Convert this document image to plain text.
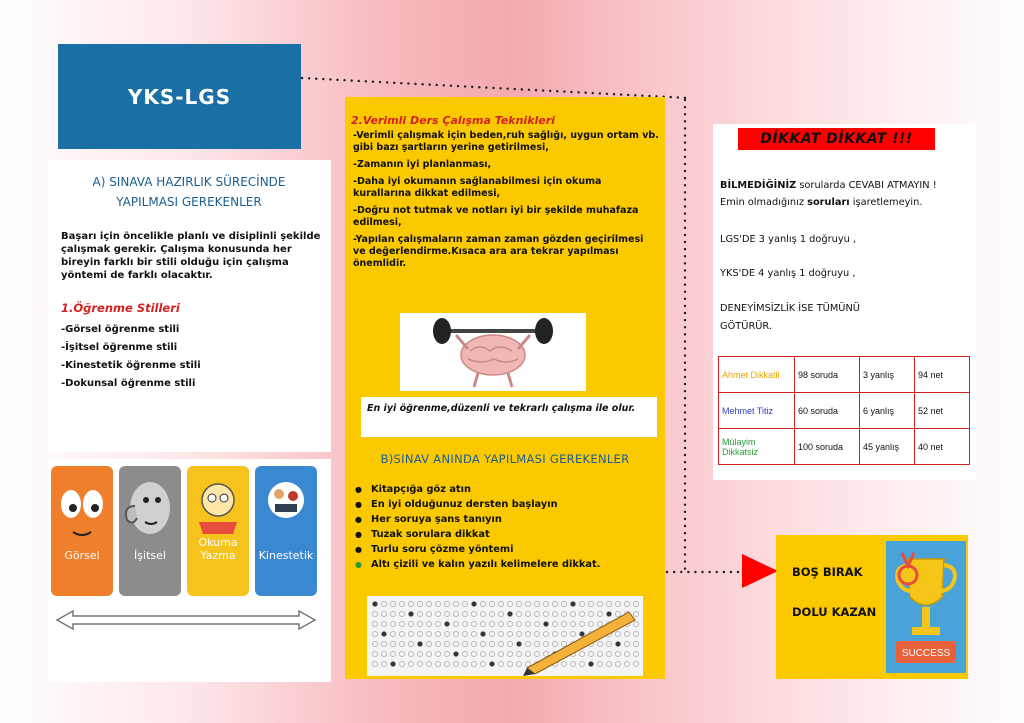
YKS-LGS
A) SINAVA HAZIRLIK SÜRECİNDE
YAPILMASI GEREKENLER

Başarı için öncelikle planlı ve disiplinli şekilde çalışmak gerekir. Çalışma konusunda her bireyin farklı bir stili olduğu için çalışma yöntemi de farklı olacaktır.

1.Öğrenme Stilleri
-Görsel öğrenme stili
-İşitsel öğrenme stili
-Kinestetik öğrenme stili
-Dokunsal öğrenme stili
Görsel	İşitsel
Okuma Yazma	Kinestetik
2.Verimli Ders Çalışma Teknikleri
-Verimli çalışmak için beden,ruh sağlığı, uygun ortam vb. gibi bazı şartların yerine getirilmesi,
-Zamanın iyi planlanması,
-Daha iyi okumanın sağlanabilmesi için okuma kurallarına dikkat edilmesi,
-Doğru not tutmak ve notları iyi bir şekilde muhafaza edilmesi,
-Yapılan çalışmaların zaman zaman gözden geçirilmesi ve değerlendirme.Kısaca ara ara tekrar yapılması önemlidir.
En iyi öğrenme,düzenli ve tekrarlı çalışma ile olur.
B)SINAV ANINDA YAPILMASI GEREKENLER
● Kitapçığa göz atın
● En iyi olduğunuz dersten başlayın
● Her soruya şans tanıyın
● Tuzak sorulara dikkat
● Turlu soru çözme yöntemi
● Altı çizili ve kalın yazılı kelimelere dikkat.
DİKKAT DİKKAT !!!
BİLMEDİĞİNİZ sorularda CEVABI ATMAYIN !
Emin olmadığınız soruları işaretlemeyin.
LGS'DE 3 yanlış 1 doğruyu ,
YKS'DE 4 yanlış 1 doğruyu ,
DENEYİMSİZLİK İSE TÜMÜNÜ
GÖTÜRÜR.
Ahmet Dikkatli	98 soruda	3 yanlış	94 net
Mehmet Titiz	60 soruda	6 yanlış	52 net
Mülayim Dikkatsiz	100 soruda	45 yanlış	40 net
BOŞ BIRAK
DOLU KAZAN
SUCCESS
